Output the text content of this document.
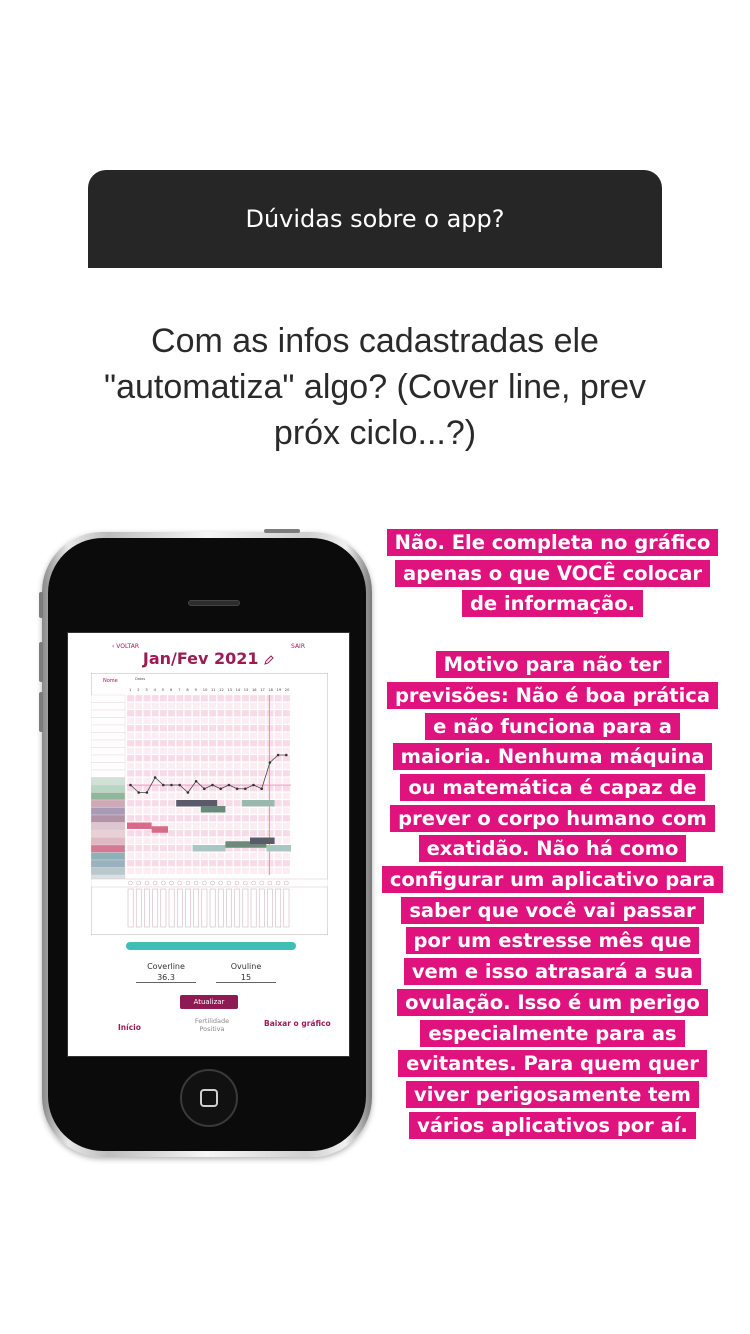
Dúvidas sobre o app?
Com as infos cadastradas ele "automatiza" algo? (Cover line, prev próx ciclo...?)
‹ VOLTAR	SAIR
Jan/Fev 2021
Nome	Datas
1 2 3 4 5 6 7 8 9 10 11 12 13 14 15 16 17 18 19 20
Coverline
36.3
Ovuline
15
Atualizar
Início
Fertilidade Positiva
Baixar o gráfico
Não. Ele completa no gráfico
apenas o que VOCÊ colocar
de informação.
Motivo para não ter
previsões: Não é boa prática
e não funciona para a
maioria. Nenhuma máquina
ou matemática é capaz de
prever o corpo humano com
exatidão. Não há como
configurar um aplicativo para
saber que você vai passar
por um estresse mês que
vem e isso atrasará a sua
ovulação. Isso é um perigo
especialmente para as
evitantes. Para quem quer
viver perigosamente tem
vários aplicativos por aí.
